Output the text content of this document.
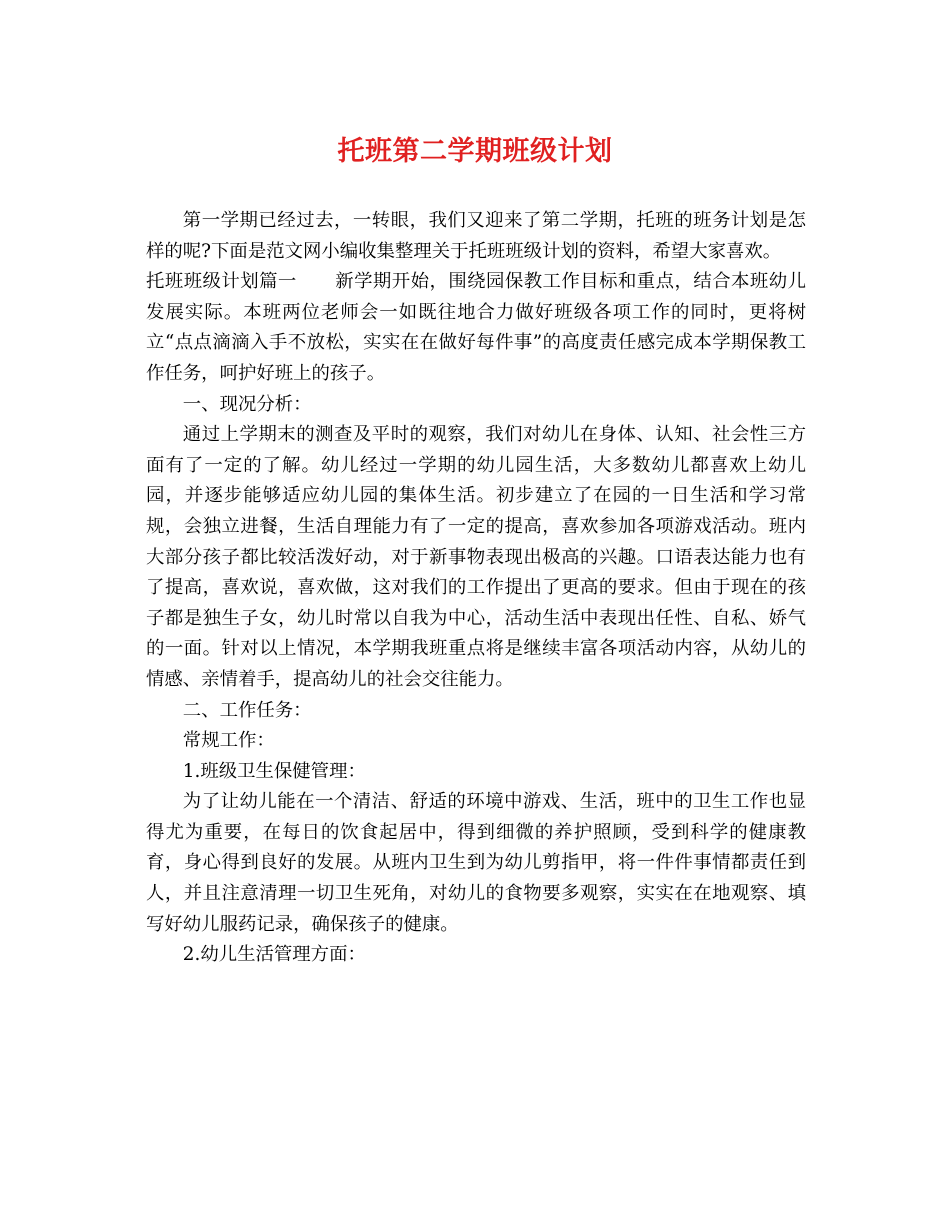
托班第二学期班级计划

第一学期已经过去，一转眼，我们又迎来了第二学期，托班的班务计划是怎样的呢?下面是范文网小编收集整理关于托班班级计划的资料，希望大家喜欢。

托班班级计划篇一 新学期开始，围绕园保教工作目标和重点，结合本班幼儿发展实际。本班两位老师会一如既往地合力做好班级各项工作的同时，更将树立“点点滴滴入手不放松，实实在在做好每件事”的高度责任感完成本学期保教工作任务，呵护好班上的孩子。

一、现况分析：

通过上学期末的测查及平时的观察，我们对幼儿在身体、认知、社会性三方面有了一定的了解。幼儿经过一学期的幼儿园生活，大多数幼儿都喜欢上幼儿园，并逐步能够适应幼儿园的集体生活。初步建立了在园的一日生活和学习常规，会独立进餐，生活自理能力有了一定的提高，喜欢参加各项游戏活动。班内大部分孩子都比较活泼好动，对于新事物表现出极高的兴趣。口语表达能力也有了提高，喜欢说，喜欢做，这对我们的工作提出了更高的要求。但由于现在的孩子都是独生子女，幼儿时常以自我为中心，活动生活中表现出任性、自私、娇气的一面。针对以上情况，本学期我班重点将是继续丰富各项活动内容，从幼儿的情感、亲情着手，提高幼儿的社会交往能力。

二、工作任务：

常规工作：

1.班级卫生保健管理：

为了让幼儿能在一个清洁、舒适的环境中游戏、生活，班中的卫生工作也显得尤为重要，在每日的饮食起居中，得到细微的养护照顾，受到科学的健康教育，身心得到良好的发展。从班内卫生到为幼儿剪指甲，将一件件事情都责任到人，并且注意清理一切卫生死角，对幼儿的食物要多观察，实实在在地观察、填写好幼儿服药记录，确保孩子的健康。

2.幼儿生活管理方面：
